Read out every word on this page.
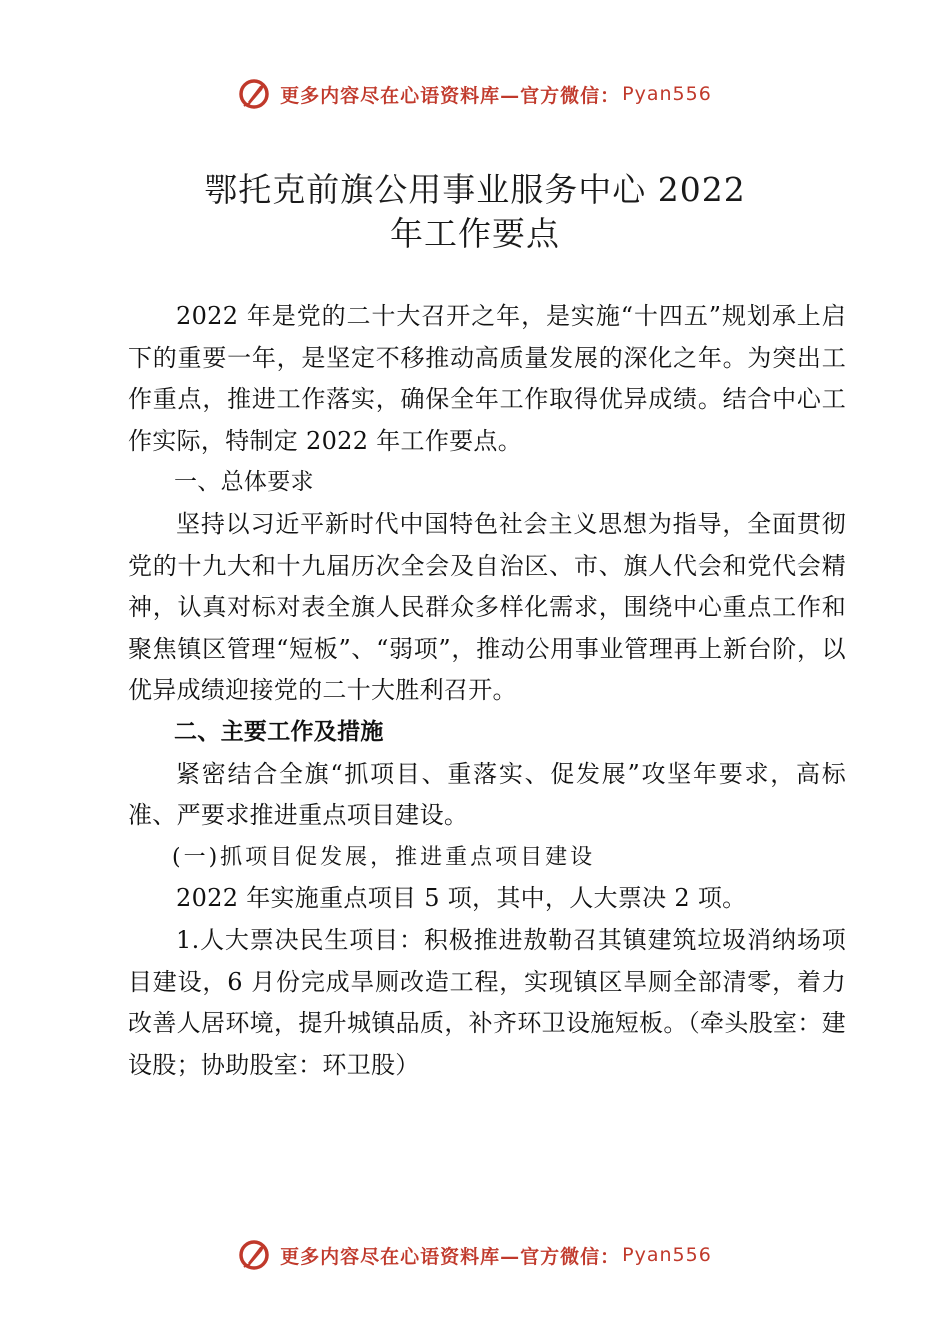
更多内容尽在心语资料库—官方微信： Pyan556
鄂托克前旗公用事业服务中心 2022
年工作要点

2022 年是党的二十大召开之年，是实施“十四五”规划承上启下的重要一年，是坚定不移推动高质量发展的深化之年。为突出工作重点，推进工作落实，确保全年工作取得优异成绩。结合中心工作实际，特制定 2022 年工作要点。

一、总体要求

坚持以习近平新时代中国特色社会主义思想为指导，全面贯彻党的十九大和十九届历次全会及自治区、市、旗人代会和党代会精神，认真对标对表全旗人民群众多样化需求，围绕中心重点工作和聚焦镇区管理“短板”、“弱项”，推动公用事业管理再上新台阶，以优异成绩迎接党的二十大胜利召开。

二、主要工作及措施

紧密结合全旗“抓项目、重落实、促发展”攻坚年要求，高标准、严要求推进重点项目建设。

(一)抓项目促发展，推进重点项目建设

2022 年实施重点项目 5 项，其中，人大票决 2 项。

1.人大票决民生项目：积极推进敖勒召其镇建筑垃圾消纳场项目建设，6 月份完成旱厕改造工程，实现镇区旱厕全部清零，着力改善人居环境，提升城镇品质，补齐环卫设施短板。（牵头股室：建设股；协助股室：环卫股）

更多内容尽在心语资料库—官方微信： Pyan556
